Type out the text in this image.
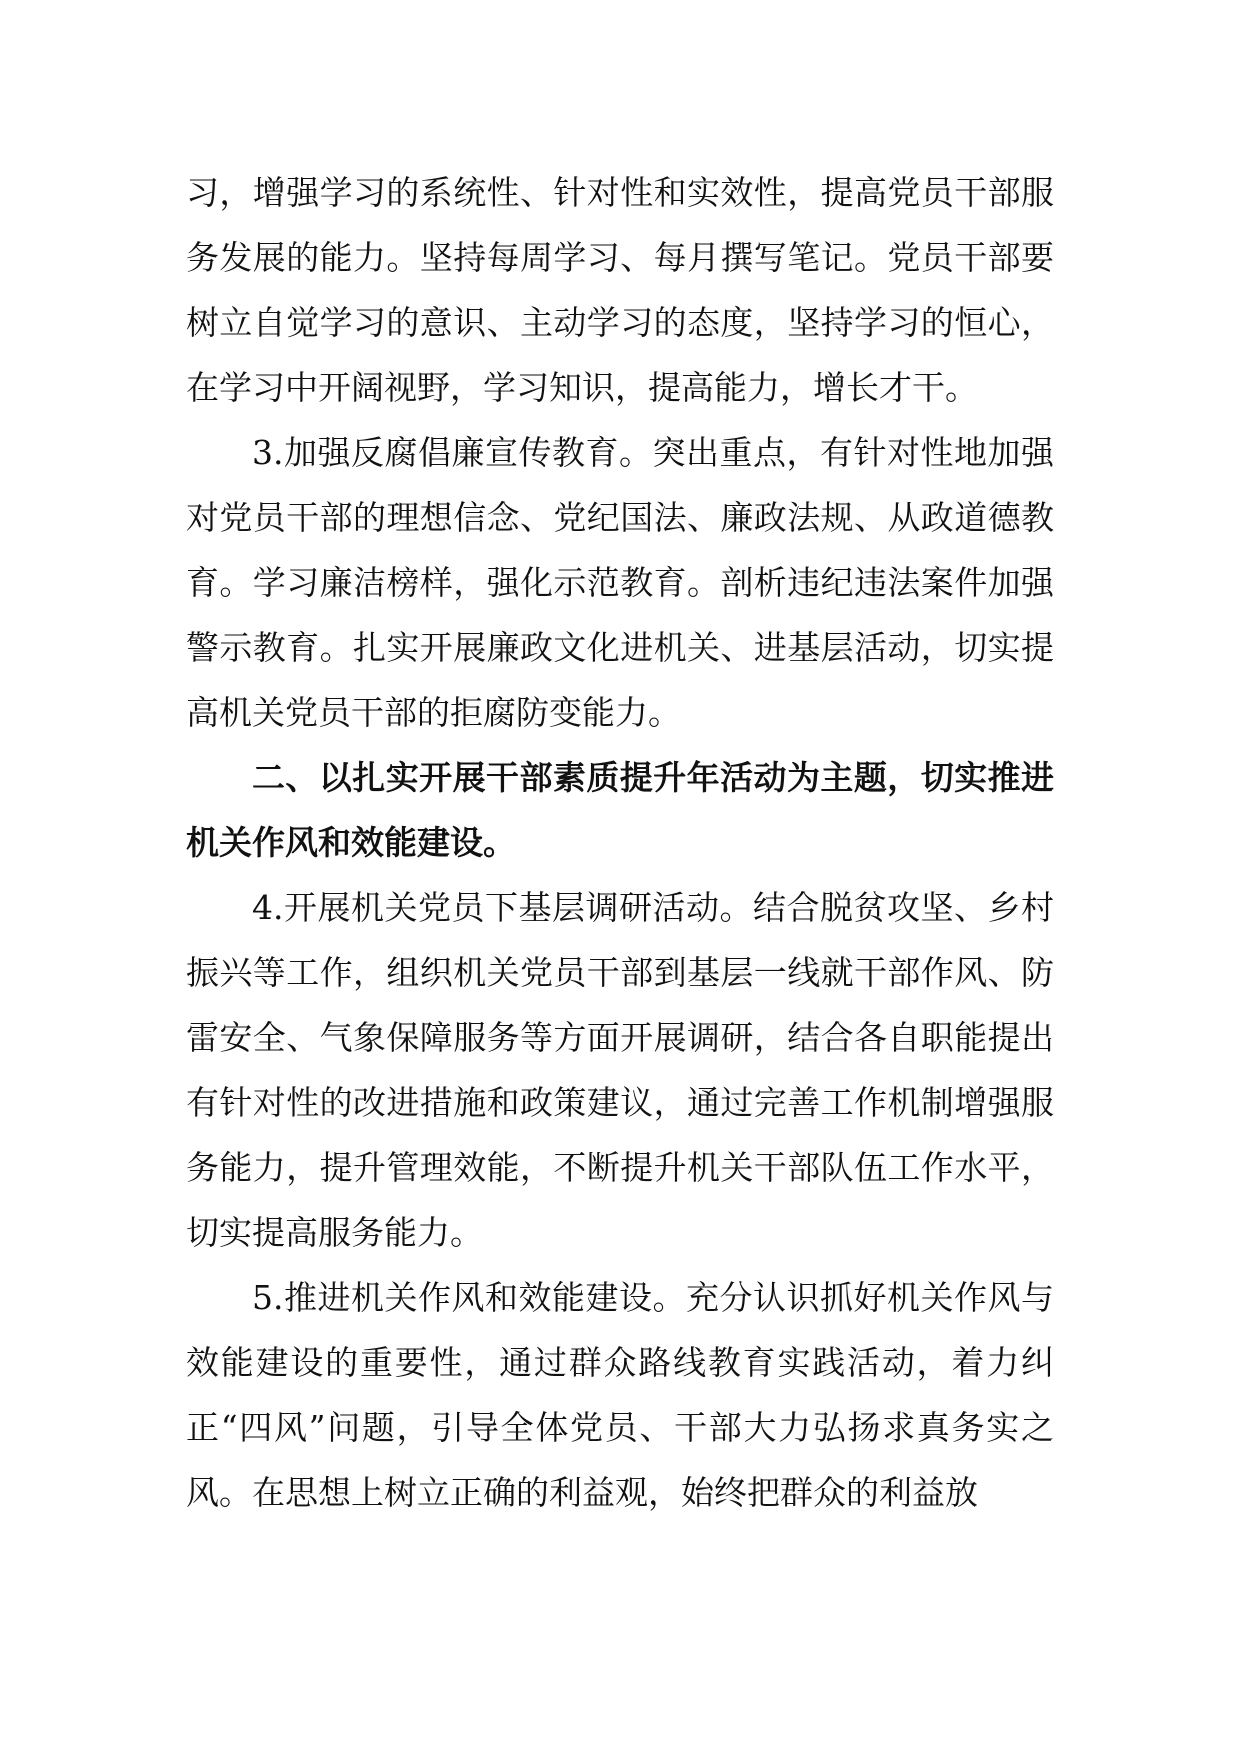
习，增强学习的系统性、针对性和实效性，提高党员干部服务发展的能力。坚持每周学习、每月撰写笔记。党员干部要树立自觉学习的意识、主动学习的态度，坚持学习的恒心，在学习中开阔视野，学习知识，提高能力，增长才干。

3.加强反腐倡廉宣传教育。突出重点，有针对性地加强对党员干部的理想信念、党纪国法、廉政法规、从政道德教育。学习廉洁榜样，强化示范教育。剖析违纪违法案件加强警示教育。扎实开展廉政文化进机关、进基层活动，切实提高机关党员干部的拒腐防变能力。

二、以扎实开展干部素质提升年活动为主题，切实推进机关作风和效能建设。

4.开展机关党员下基层调研活动。结合脱贫攻坚、乡村振兴等工作，组织机关党员干部到基层一线就干部作风、防雷安全、气象保障服务等方面开展调研，结合各自职能提出有针对性的改进措施和政策建议，通过完善工作机制增强服务能力，提升管理效能，不断提升机关干部队伍工作水平，切实提高服务能力。

5.推进机关作风和效能建设。充分认识抓好机关作风与效能建设的重要性，通过群众路线教育实践活动，着力纠正“四风”问题，引导全体党员、干部大力弘扬求真务实之风。在思想上树立正确的利益观，始终把群众的利益放
